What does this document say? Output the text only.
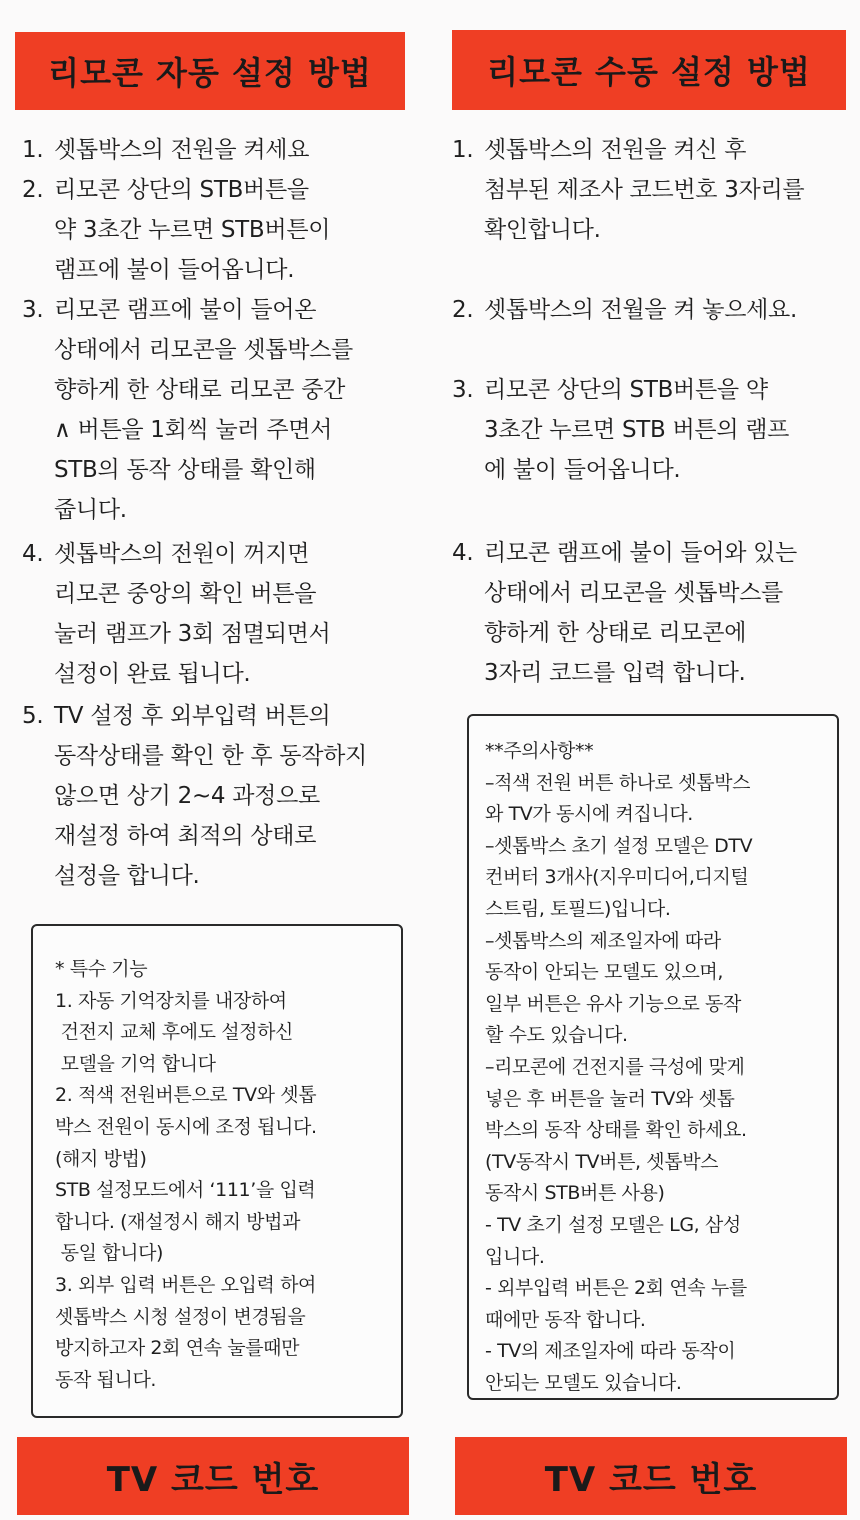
리모콘 자동 설정 방법
1. 셋톱박스의 전원을 켜세요
2. 리모콘 상단의 STB버튼을
약 3초간 누르면 STB버튼이
램프에 불이 들어옵니다.
3. 리모콘 램프에 불이 들어온
상태에서 리모콘을 셋톱박스를
향하게 한 상태로 리모콘 중간
∧ 버튼을 1회씩 눌러 주면서
STB의 동작 상태를 확인해
줍니다.
4. 셋톱박스의 전원이 꺼지면
리모콘 중앙의 확인 버튼을
눌러 램프가 3회 점멸되면서
설정이 완료 됩니다.
5. TV 설정 후 외부입력 버튼의
동작상태를 확인 한 후 동작하지
않으면 상기 2~4 과정으로
재설정 하여 최적의 상태로
설정을 합니다.
* 특수 기능
1. 자동 기억장치를 내장하여
건전지 교체 후에도 설정하신
모델을 기억 합니다
2. 적색 전원버튼으로 TV와 셋톱
박스 전원이 동시에 조정 됩니다.
(해지 방법)
STB 설정모드에서 ‘111’을 입력
합니다. (재설정시 해지 방법과
동일 합니다)
3. 외부 입력 버튼은 오입력 하여
셋톱박스 시청 설정이 변경됨을
방지하고자 2회 연속 눌를때만
동작 됩니다.
TV 코드 번호
리모콘 수동 설정 방법
1. 셋톱박스의 전원을 켜신 후
첨부된 제조사 코드번호 3자리를
확인합니다.
2. 셋톱박스의 전월을 켜 놓으세요.
3. 리모콘 상단의 STB버튼을 약
3초간 누르면 STB 버튼의 램프
에 불이 들어옵니다.
4. 리모콘 램프에 불이 들어와 있는
상태에서 리모콘을 셋톱박스를
향하게 한 상태로 리모콘에
3자리 코드를 입력 합니다.
**주의사항**
–적색 전원 버튼 하나로 셋톱박스
와 TV가 동시에 켜집니다.
–셋톱박스 초기 설정 모델은 DTV
컨버터 3개사(지우미디어,디지털
스트림, 토필드)입니다.
–셋톱박스의 제조일자에 따라
동작이 안되는 모델도 있으며,
일부 버튼은 유사 기능으로 동작
할 수도 있습니다.
–리모콘에 건전지를 극성에 맞게
넣은 후 버튼을 눌러 TV와 셋톱
박스의 동작 상태를 확인 하세요.
(TV동작시 TV버튼, 셋톱박스
동작시 STB버튼 사용)
- TV 초기 설정 모델은 LG, 삼성
입니다.
- 외부입력 버튼은 2회 연속 누를
때에만 동작 합니다.
- TV의 제조일자에 따라 동작이
안되는 모델도 있습니다.
TV 코드 번호
